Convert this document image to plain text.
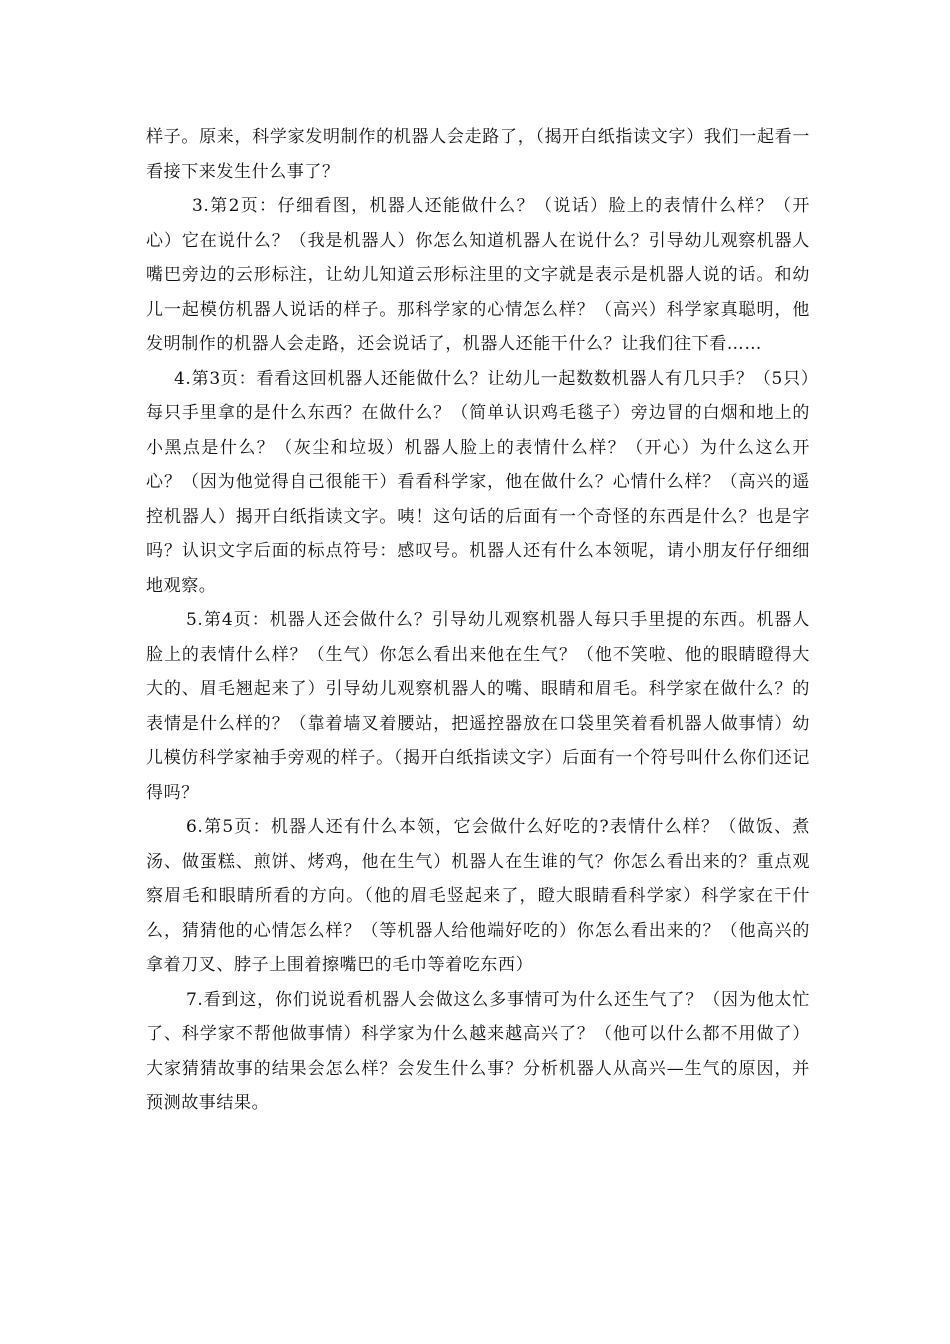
样子。原来，科学家发明制作的机器人会走路了，（揭开白纸指读文字）我们一起看一看接下来发生什么事了？

3.第2页：仔细看图，机器人还能做什么？（说话）脸上的表情什么样？（开心）它在说什么？（我是机器人）你怎么知道机器人在说什么？引导幼儿观察机器人嘴巴旁边的云形标注，让幼儿知道云形标注里的文字就是表示是机器人说的话。和幼儿一起模仿机器人说话的样子。那科学家的心情怎么样？（高兴）科学家真聪明，他发明制作的机器人会走路，还会说话了，机器人还能干什么？让我们往下看……

4.第3页：看看这回机器人还能做什么？让幼儿一起数数机器人有几只手？（5只）每只手里拿的是什么东西？在做什么？（简单认识鸡毛毯子）旁边冒的白烟和地上的小黑点是什么？（灰尘和垃圾）机器人脸上的表情什么样？（开心）为什么这么开心？（因为他觉得自己很能干）看看科学家，他在做什么？心情什么样？（高兴的遥控机器人）揭开白纸指读文字。咦！这句话的后面有一个奇怪的东西是什么？也是字吗？认识文字后面的标点符号：感叹号。机器人还有什么本领呢，请小朋友仔仔细细地观察。

5.第4页：机器人还会做什么？引导幼儿观察机器人每只手里提的东西。机器人脸上的表情什么样？（生气）你怎么看出来他在生气？（他不笑啦、他的眼睛瞪得大大的、眉毛翘起来了）引导幼儿观察机器人的嘴、眼睛和眉毛。科学家在做什么？的表情是什么样的？（靠着墙叉着腰站，把遥控器放在口袋里笑着看机器人做事情）幼儿模仿科学家袖手旁观的样子。（揭开白纸指读文字）后面有一个符号叫什么你们还记得吗？

6.第5页：机器人还有什么本领，它会做什么好吃的?表情什么样？（做饭、煮汤、做蛋糕、煎饼、烤鸡，他在生气）机器人在生谁的气？你怎么看出来的？重点观察眉毛和眼睛所看的方向。（他的眉毛竖起来了，瞪大眼睛看科学家）科学家在干什么，猜猜他的心情怎么样？（等机器人给他端好吃的）你怎么看出来的？（他高兴的拿着刀叉、脖子上围着擦嘴巴的毛巾等着吃东西）

7.看到这，你们说说看机器人会做这么多事情可为什么还生气了？（因为他太忙了、科学家不帮他做事情）科学家为什么越来越高兴了？（他可以什么都不用做了）大家猜猜故事的结果会怎么样？会发生什么事？分析机器人从高兴—生气的原因，并预测故事结果。
